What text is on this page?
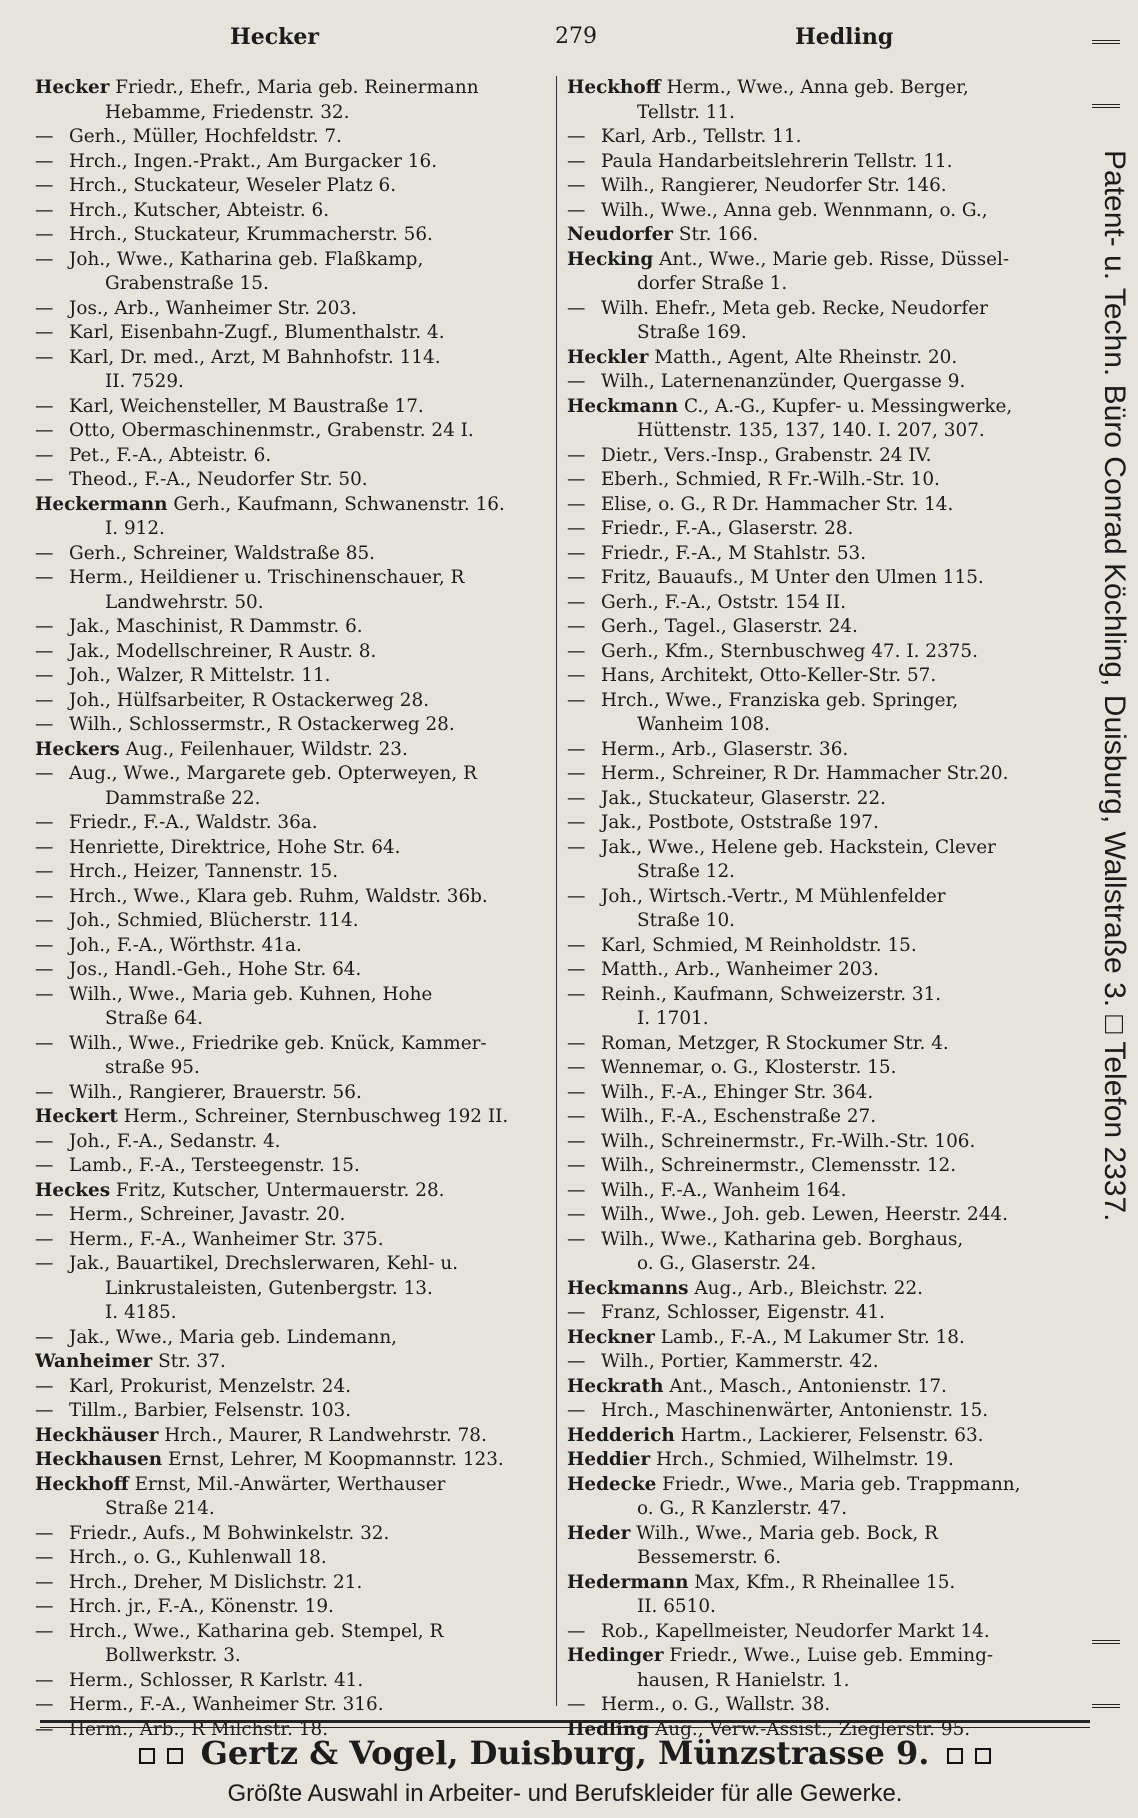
Hecker	279	Hedling
Hecker Friedr., Ehefr., Maria geb. Reinermann
Hebamme, Friedenstr. 32.
— Gerh., Müller, Hochfeldstr. 7.
— Hrch., Ingen.-Prakt., Am Burgacker 16.
— Hrch., Stuckateur, Weseler Platz 6.
— Hrch., Kutscher, Abteistr. 6.
— Hrch., Stuckateur, Krummacherstr. 56.
— Joh., Wwe., Katharina geb. Flaßkamp,
Grabenstraße 15.
— Jos., Arb., Wanheimer Str. 203.
— Karl, Eisenbahn-Zugf., Blumenthalstr. 4.
— Karl, Dr. med., Arzt, M Bahnhofstr. 114.
II. 7529.
— Karl, Weichensteller, M Baustraße 17.
— Otto, Obermaschinenmstr., Grabenstr. 24 I.
— Pet., F.-A., Abteistr. 6.
— Theod., F.-A., Neudorfer Str. 50.
Heckermann Gerh., Kaufmann, Schwanenstr. 16.
I. 912.
— Gerh., Schreiner, Waldstraße 85.
— Herm., Heildiener u. Trischinenschauer, R
Landwehrstr. 50.
— Jak., Maschinist, R Dammstr. 6.
— Jak., Modellschreiner, R Austr. 8.
— Joh., Walzer, R Mittelstr. 11.
— Joh., Hülfsarbeiter, R Ostackerweg 28.
— Wilh., Schlossermstr., R Ostackerweg 28.
Heckers Aug., Feilenhauer, Wildstr. 23.
— Aug., Wwe., Margarete geb. Opterweyen, R
Dammstraße 22.
— Friedr., F.-A., Waldstr. 36a.
— Henriette, Direktrice, Hohe Str. 64.
— Hrch., Heizer, Tannenstr. 15.
— Hrch., Wwe., Klara geb. Ruhm, Waldstr. 36b.
— Joh., Schmied, Blücherstr. 114.
— Joh., F.-A., Wörthstr. 41a.
— Jos., Handl.-Geh., Hohe Str. 64.
— Wilh., Wwe., Maria geb. Kuhnen, Hohe
Straße 64.
— Wilh., Wwe., Friedrike geb. Knück, Kammer-
straße 95.
— Wilh., Rangierer, Brauerstr. 56.
Heckert Herm., Schreiner, Sternbuschweg 192 II.
— Joh., F.-A., Sedanstr. 4.
— Lamb., F.-A., Tersteegenstr. 15.
Heckes Fritz, Kutscher, Untermauerstr. 28.
— Herm., Schreiner, Javastr. 20.
— Herm., F.-A., Wanheimer Str. 375.
— Jak., Bauartikel, Drechslerwaren, Kehl- u.
Linkrustaleisten, Gutenbergstr. 13.
I. 4185.
— Jak., Wwe., Maria geb. Lindemann,
Wanheimer Str. 37.
— Karl, Prokurist, Menzelstr. 24.
— Tillm., Barbier, Felsenstr. 103.
Heckhäuser Hrch., Maurer, R Landwehrstr. 78.
Heckhausen Ernst, Lehrer, M Koopmannstr. 123.
Heckhoff Ernst, Mil.-Anwärter, Werthauser
Straße 214.
— Friedr., Aufs., M Bohwinkelstr. 32.
— Hrch., o. G., Kuhlenwall 18.
— Hrch., Dreher, M Dislichstr. 21.
— Hrch. jr., F.-A., Könenstr. 19.
— Hrch., Wwe., Katharina geb. Stempel, R
Bollwerkstr. 3.
— Herm., Schlosser, R Karlstr. 41.
— Herm., F.-A., Wanheimer Str. 316.
— Herm., Arb., R Milchstr. 18.
Heckhoff Herm., Wwe., Anna geb. Berger,
Tellstr. 11.
— Karl, Arb., Tellstr. 11.
— Paula Handarbeitslehrerin Tellstr. 11.
— Wilh., Rangierer, Neudorfer Str. 146.
— Wilh., Wwe., Anna geb. Wennmann, o. G.,
Neudorfer Str. 166.
Hecking Ant., Wwe., Marie geb. Risse, Düssel-
dorfer Straße 1.
— Wilh. Ehefr., Meta geb. Recke, Neudorfer
Straße 169.
Heckler Matth., Agent, Alte Rheinstr. 20.
— Wilh., Laternenanzünder, Quergasse 9.
Heckmann C., A.-G., Kupfer- u. Messingwerke,
Hüttenstr. 135, 137, 140. I. 207, 307.
— Dietr., Vers.-Insp., Grabenstr. 24 IV.
— Eberh., Schmied, R Fr.-Wilh.-Str. 10.
— Elise, o. G., R Dr. Hammacher Str. 14.
— Friedr., F.-A., Glaserstr. 28.
— Friedr., F.-A., M Stahlstr. 53.
— Fritz, Bauaufs., M Unter den Ulmen 115.
— Gerh., F.-A., Oststr. 154 II.
— Gerh., Tagel., Glaserstr. 24.
— Gerh., Kfm., Sternbuschweg 47. I. 2375.
— Hans, Architekt, Otto-Keller-Str. 57.
— Hrch., Wwe., Franziska geb. Springer,
Wanheim 108.
— Herm., Arb., Glaserstr. 36.
— Herm., Schreiner, R Dr. Hammacher Str.20.
— Jak., Stuckateur, Glaserstr. 22.
— Jak., Postbote, Oststraße 197.
— Jak., Wwe., Helene geb. Hackstein, Clever
Straße 12.
— Joh., Wirtsch.-Vertr., M Mühlenfelder
Straße 10.
— Karl, Schmied, M Reinholdstr. 15.
— Matth., Arb., Wanheimer 203.
— Reinh., Kaufmann, Schweizerstr. 31.
I. 1701.
— Roman, Metzger, R Stockumer Str. 4.
— Wennemar, o. G., Klosterstr. 15.
— Wilh., F.-A., Ehinger Str. 364.
— Wilh., F.-A., Eschenstraße 27.
— Wilh., Schreinermstr., Fr.-Wilh.-Str. 106.
— Wilh., Schreinermstr., Clemensstr. 12.
— Wilh., F.-A., Wanheim 164.
— Wilh., Wwe., Joh. geb. Lewen, Heerstr. 244.
— Wilh., Wwe., Katharina geb. Borghaus,
o. G., Glaserstr. 24.
Heckmanns Aug., Arb., Bleichstr. 22.
— Franz, Schlosser, Eigenstr. 41.
Heckner Lamb., F.-A., M Lakumer Str. 18.
— Wilh., Portier, Kammerstr. 42.
Heckrath Ant., Masch., Antonienstr. 17.
— Hrch., Maschinenwärter, Antonienstr. 15.
Hedderich Hartm., Lackierer, Felsenstr. 63.
Heddier Hrch., Schmied, Wilhelmstr. 19.
Hedecke Friedr., Wwe., Maria geb. Trappmann,
o. G., R Kanzlerstr. 47.
Heder Wilh., Wwe., Maria geb. Bock, R
Bessemerstr. 6.
Hedermann Max, Kfm., R Rheinallee 15.
II. 6510.
— Rob., Kapellmeister, Neudorfer Markt 14.
Hedinger Friedr., Wwe., Luise geb. Emming-
hausen, R Hanielstr. 1.
— Herm., o. G., Wallstr. 38.
Hedling Aug., Verw.-Assist., Zieglerstr. 95.
Patent- u. Techn. Büro Conrad Köchling, Duisburg, Wallstraße 3. □ Telefon 2337.
Gertz & Vogel, Duisburg, Münzstrasse 9.
Größte Auswahl in Arbeiter- und Berufskleider für alle Gewerke.
